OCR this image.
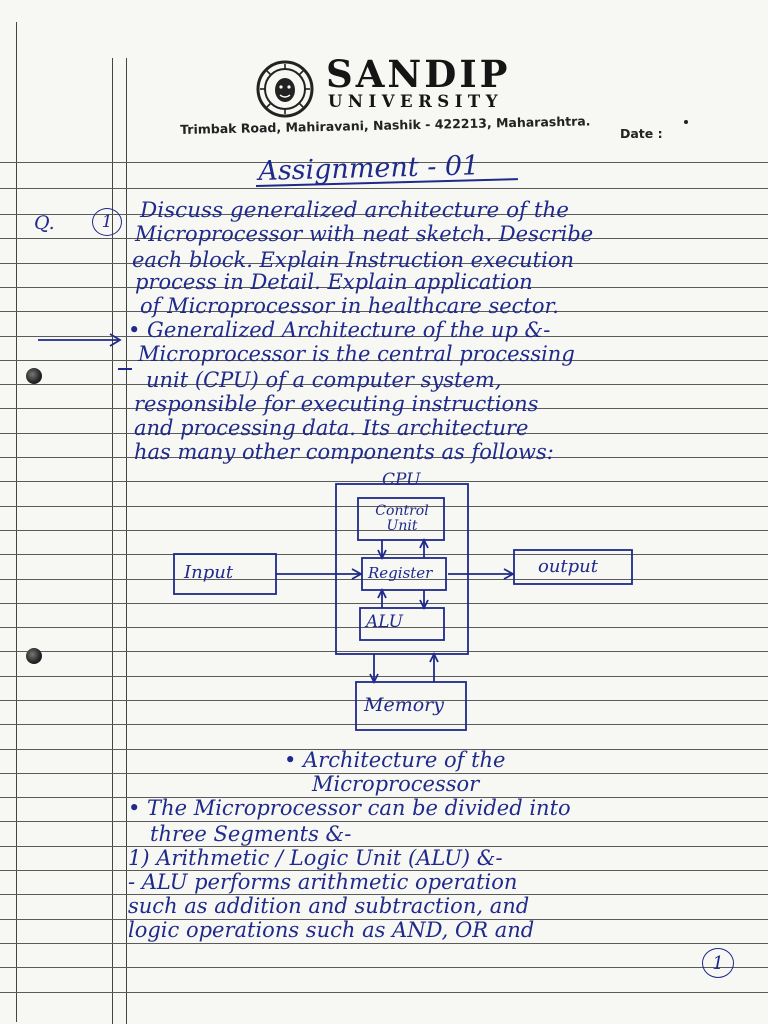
SANDIP
UNIVERSITY
Trimbak Road, Mahiravani, Nashik - 422213, Maharashtra. Date :
Assignment - 01
Q.	1	Discuss generalized architecture of the
Microprocessor with neat sketch. Describe
each block. Explain Instruction execution
process in Detail. Explain application
of Microprocessor in healthcare sector.
• Generalized Architecture of the up &-
Microprocessor is the central processing
unit (CPU) of a computer system,
responsible for executing instructions
and processing data. Its architecture
has many other components as follows:
CPU
Control Unit
Register
ALU
Input	output
Memory
• Architecture of the
Microprocessor
• The Microprocessor can be divided into
three Segments &-
1) Arithmetic / Logic Unit (ALU) &-
- ALU performs arithmetic operation
such as addition and subtraction, and
logic operations such as AND, OR and
1
